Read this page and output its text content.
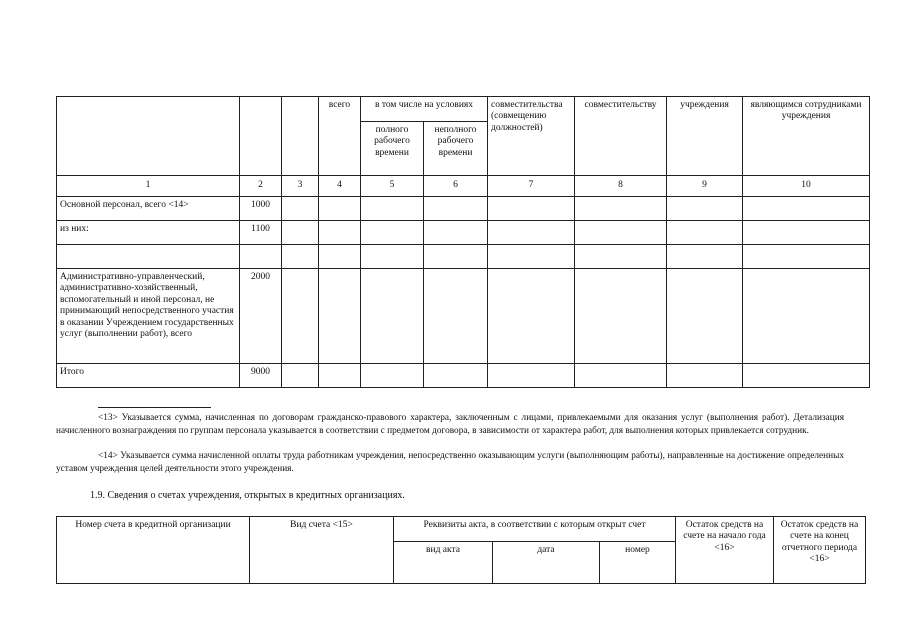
			всего	в том числе на условиях		совместительства (совмещению должностей)	совместительству	учреждения	являющимся сотрудниками учреждения
				полного рабочего времени	неполного рабочего времени				
1	2	3	4	5	6	7	8	9	10
Основной персонал, всего <14>	1000								
из них:	1100								

Административно-управленческий, административно-хозяйственный, вспомогательный и иной персонал, не принимающий непосредственного участия в оказании Учреждением государственных услуг (выполнении работ), всего	2000								
Итого	9000								
<13> Указывается сумма, начисленная по договорам гражданско-правового характера, заключенным с лицами, привлекаемыми для оказания услуг (выполнения работ). Детализация начисленного вознаграждения по группам персонала указывается в соответствии с предметом договора, в зависимости от характера работ, для выполнения которых привлекается сотрудник.
<14> Указывается сумма начисленной оплаты труда работникам учреждения, непосредственно оказывающим услуги (выполняющим работы), направленные на достижение определенных уставом учреждения целей деятельности этого учреждения.
1.9. Сведения о счетах учреждения, открытых в кредитных организациях.
Номер счета в кредитной организации	Вид счета <15>	Реквизиты акта, в соответствии с которым открыт счет			Остаток средств на счете на начало года <16>	Остаток средств на счете на конец отчетного периода <16>
		вид акта	дата	номер		
